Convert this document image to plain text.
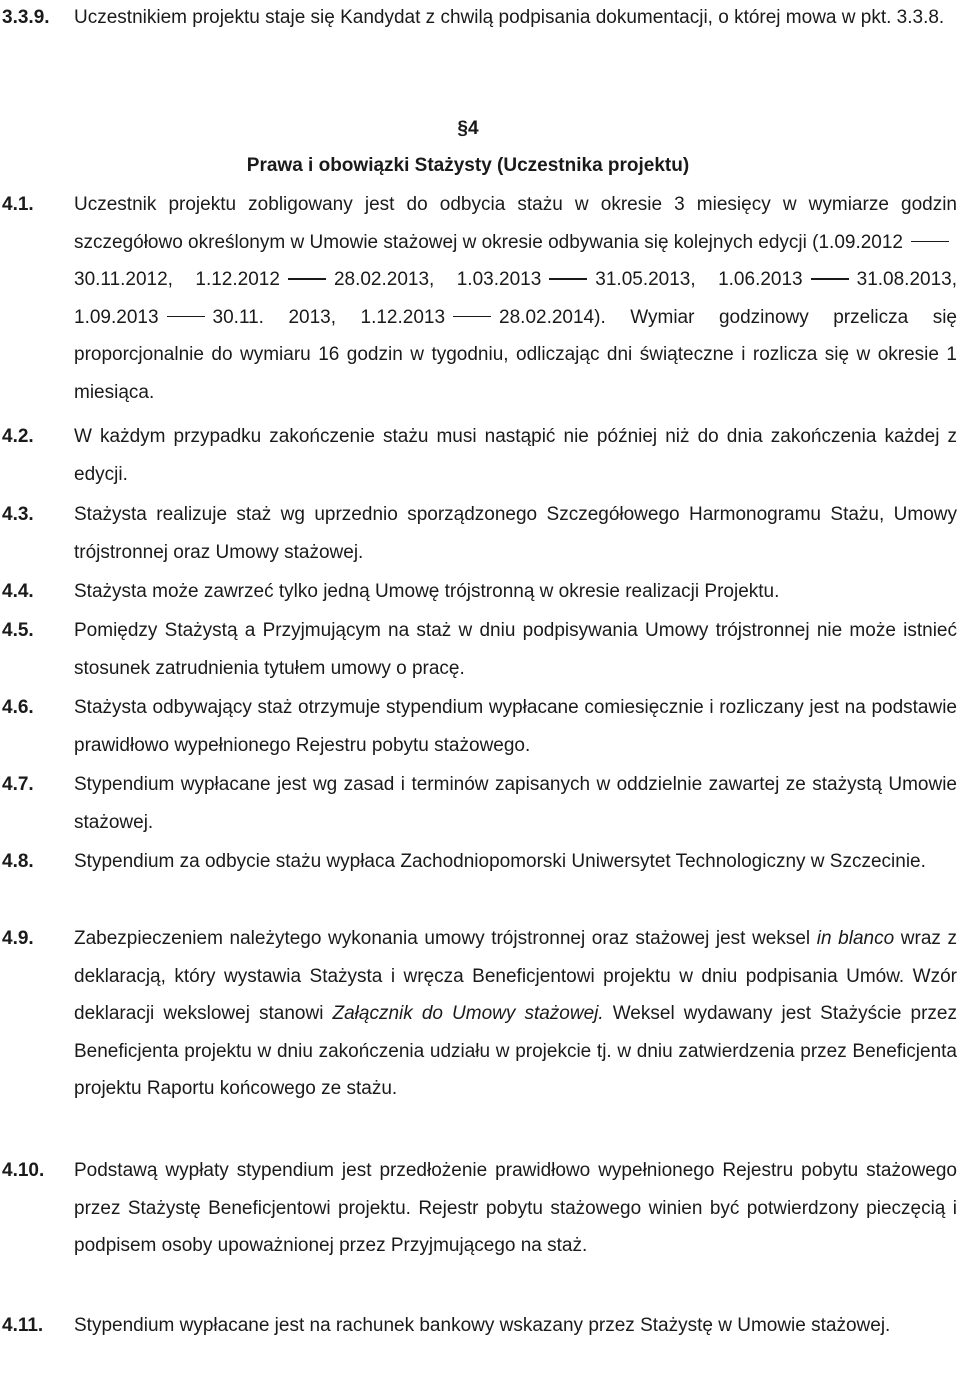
3.3.9.	Uczestnikiem projektu staje się Kandydat z chwilą podpisania dokumentacji, o której mowa w pkt. 3.3.8.
§4
Prawa i obowiązki Stażysty (Uczestnika projektu)
4.1. Uczestnik projektu zobligowany jest do odbycia stażu w okresie 3 miesięcy w wymiarze godzin szczegółowo określonym w Umowie stażowej w okresie odbywania się kolejnych edycji (1.09.201230.11.2012, 1.12.2012	28.02.2013, 1.03.2013	31.05.2013, 1.06.2013	31.08.2013, 1.09.2013	30.11. 2013, 1.12.2013	28.02.2014). Wymiar godzinowy przelicza się proporcjonalnie do wymiaru 16 godzin w tygodniu, odliczając dni świąteczne i rozlicza się w okresie 1 miesiąca.
4.2. W każdym przypadku zakończenie stażu musi nastąpić nie później niż do dnia zakończenia każdej z edycji.
4.3. Stażysta realizuje staż wg uprzednio sporządzonego Szczegółowego Harmonogramu Stażu, Umowy trójstronnej oraz Umowy stażowej.
4.4. Stażysta może zawrzeć tylko jedną Umowę trójstronną w okresie realizacji Projektu.
4.5. Pomiędzy Stażystą a Przyjmującym na staż w dniu podpisywania Umowy trójstronnej nie może istnieć stosunek zatrudnienia tytułem umowy o pracę.
4.6. Stażysta odbywający staż otrzymuje stypendium wypłacane comiesięcznie i rozliczany jest na podstawie prawidłowo wypełnionego Rejestru pobytu stażowego.
4.7. Stypendium wypłacane jest wg zasad i terminów zapisanych w oddzielnie zawartej ze stażystą Umowie stażowej.
4.8. Stypendium za odbycie stażu wypłaca Zachodniopomorski Uniwersytet Technologiczny w Szczecinie.
4.9. Zabezpieczeniem należytego wykonania umowy trójstronnej oraz stażowej jest weksel in blanco wraz z deklaracją, który wystawia Stażysta i wręcza Beneficjentowi projektu w dniu podpisania Umów. Wzór deklaracji wekslowej stanowi Załącznik do Umowy stażowej. Weksel wydawany jest Stażyście przez Beneficjenta projektu w dniu zakończenia udziału w projekcie tj. w dniu zatwierdzenia przez Beneficjenta projektu Raportu końcowego ze stażu.
4.10. Podstawą wypłaty stypendium jest przedłożenie prawidłowo wypełnionego Rejestru pobytu stażowego przez Stażystę Beneficjentowi projektu. Rejestr pobytu stażowego winien być potwierdzony pieczęcią i podpisem osoby upoważnionej przez Przyjmującego na staż.
4.11. Stypendium wypłacane jest na rachunek bankowy wskazany przez Stażystę w Umowie stażowej.
